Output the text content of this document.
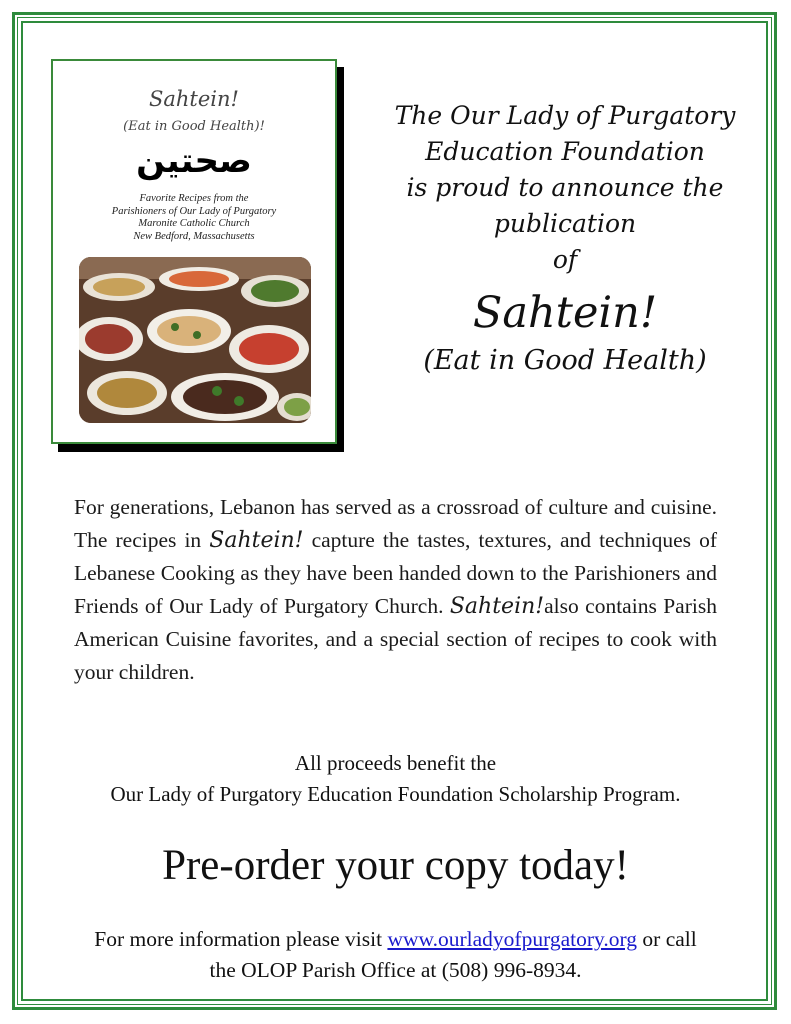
Sahtein!
(Eat in Good Health)!
صحتين
Favorite Recipes from the
Parishioners of Our Lady of Purgatory
Maronite Catholic Church
New Bedford, Massachusetts
The Our Lady of Purgatory
Education Foundation
is proud to announce the
publication
of
Sahtein!
(Eat in Good Health)
For generations, Lebanon has served as a crossroad of culture and cuisine. The recipes in Sahtein! capture the tastes, textures, and techniques of Lebanese Cooking as they have been handed down to the Parishioners and Friends of Our Lady of Purgatory Church. Sahtein!also contains Parish American Cuisine favorites, and a special section of recipes to cook with your children.
All proceeds benefit the
Our Lady of Purgatory Education Foundation Scholarship Program.
Pre-order your copy today!
For more information please visit www.ourladyofpurgatory.org or call
the OLOP Parish Office at (508) 996-8934.
